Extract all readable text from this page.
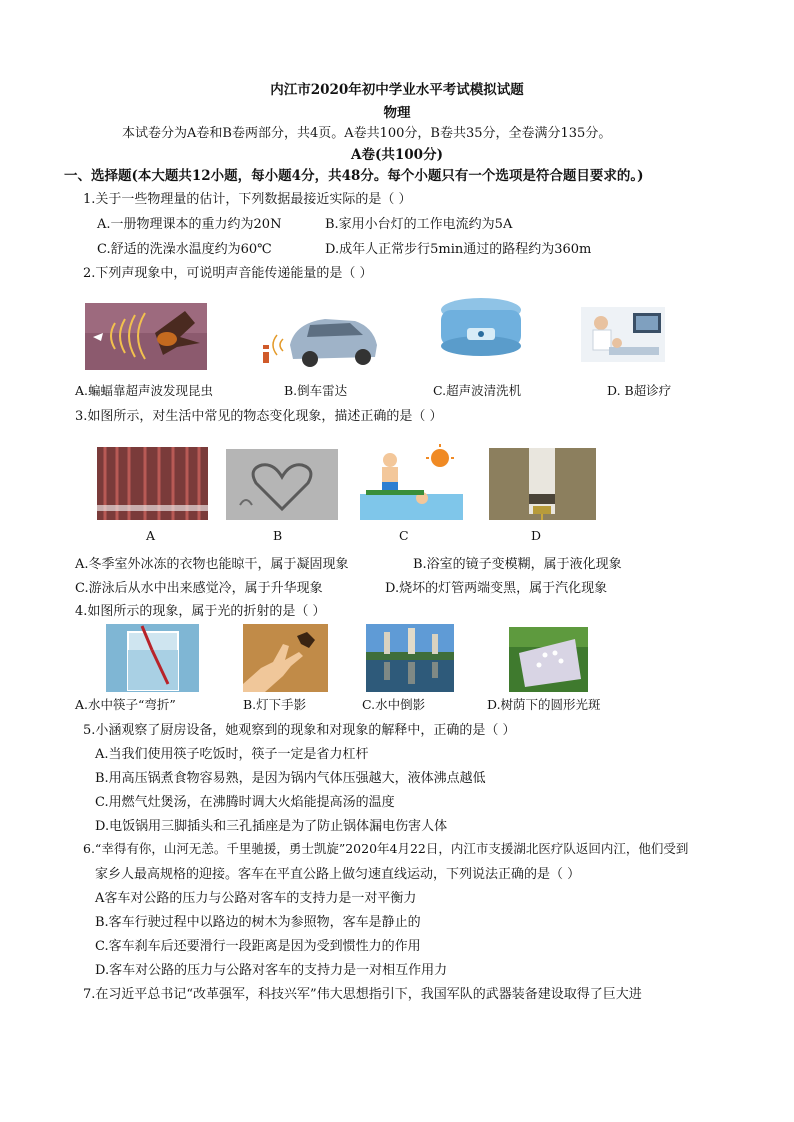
内江市2020年初中学业水平考试模拟试题
物理
本试卷分为A卷和B卷两部分，共4页。A卷共100分，B卷共35分，全卷满分135分。
A卷(共100分)
一、选择题(本大题共12小题，每小题4分，共48分。每个小题只有一个选项是符合题目要求的。)
1.关于一些物理量的估计，下列数据最接近实际的是（ ）
A.一册物理课本的重力约为20N	B.家用小台灯的工作电流约为5A
C.舒适的洗澡水温度约为60℃	D.成年人正常步行5min通过的路程约为360m
2.下列声现象中，可说明声音能传递能量的是（ ）
A.蝙蝠靠超声波发现昆虫	B.倒车雷达	C.超声波清洗机	D. B超诊疗
3.如图所示，对生活中常见的物态变化现象，描述正确的是（ ）
A	B	C	D
A.冬季室外冰冻的衣物也能晾干，属于凝固现象	B.浴室的镜子变模糊，属于液化现象
C.游泳后从水中出来感觉冷，属于升华现象	D.烧坏的灯管两端变黑，属于汽化现象
4.如图所示的现象，属于光的折射的是（ ）
A.水中筷子“弯折”	B.灯下手影	C.水中倒影	D.树荫下的圆形光斑
5.小涵观察了厨房设备，她观察到的现象和对现象的解释中，正确的是（ ）
A.当我们使用筷子吃饭时，筷子一定是省力杠杆
B.用高压锅煮食物容易熟，是因为锅内气体压强越大，液体沸点越低
C.用燃气灶煲汤，在沸腾时调大火焰能提高汤的温度
D.电饭锅用三脚插头和三孔插座是为了防止锅体漏电伤害人体
6.“幸得有你，山河无恙。千里驰援，勇士凯旋”2020年4月22日，内江市支援湖北医疗队返回内江，他们受到
家乡人最高规格的迎接。客车在平直公路上做匀速直线运动，下列说法正确的是（ ）
A客车对公路的压力与公路对客车的支持力是一对平衡力
B.客车行驶过程中以路边的树木为参照物，客车是静止的
C.客车刹车后还要滑行一段距离是因为受到惯性力的作用
D.客车对公路的压力与公路对客车的支持力是一对相互作用力
7.在习近平总书记“改革强军，科技兴军”伟大思想指引下，我国军队的武器装备建设取得了巨大进
